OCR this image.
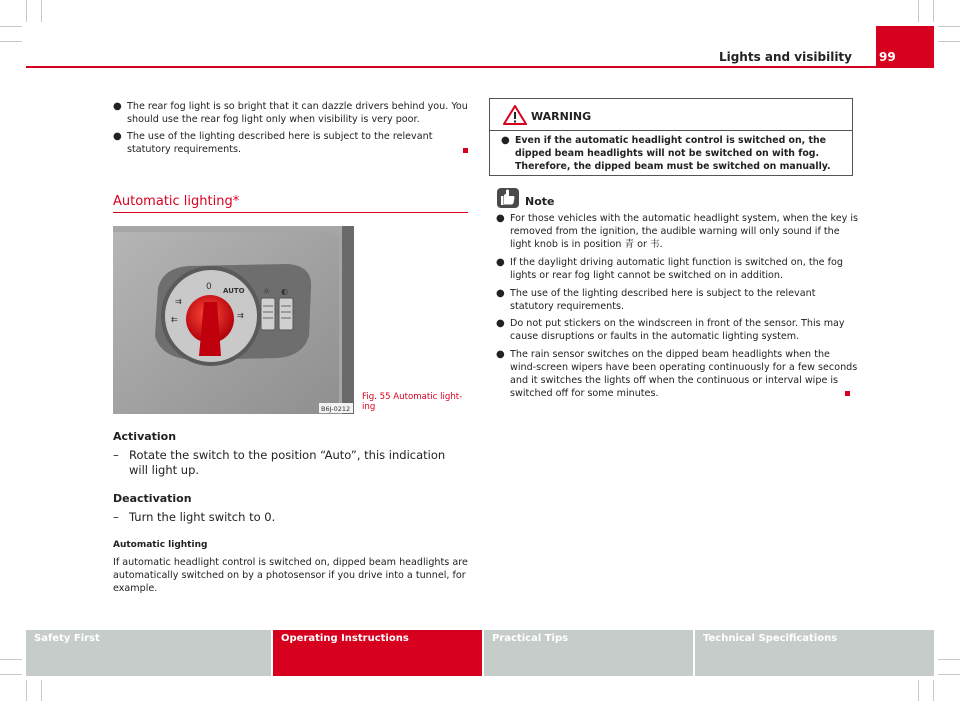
Lights and visibility 99
● The rear fog light is so bright that it can dazzle drivers behind you. You should use the rear fog light only when visibility is very poor.
● The use of the lighting described here is subject to the relevant statutory requirements.
Automatic lighting*
0 AUTO
⇉
⇇	⇉
☼ ◐
B6J-0212
Fig. 55 Automatic light-ing
Activation
– Rotate the switch to the position “Auto”, this indication will light up.
Deactivation
– Turn the light switch to 0.
Automatic lighting
If automatic headlight control is switched on, dipped beam headlights are automatically switched on by a photosensor if you drive into a tunnel, for example.
WARNING
● Even if the automatic headlight control is switched on, the dipped beam headlights will not be switched on with fog. Therefore, the dipped beam must be switched on manually.
Note
● For those vehicles with the automatic headlight system, when the key is removed from the ignition, the audible warning will only sound if the light knob is in position ⻘ or ⻙.
● If the daylight driving automatic light function is switched on, the fog lights or rear fog light cannot be switched on in addition.
● The use of the lighting described here is subject to the relevant statutory requirements.
● Do not put stickers on the windscreen in front of the sensor. This may cause disruptions or faults in the automatic lighting system.
● The rain sensor switches on the dipped beam headlights when the wind-screen wipers have been operating continuously for a few seconds and it switches the lights off when the continuous or interval wipe is switched off for some minutes.
Safety First	Operating Instructions	Practical Tips	Technical Specifications
